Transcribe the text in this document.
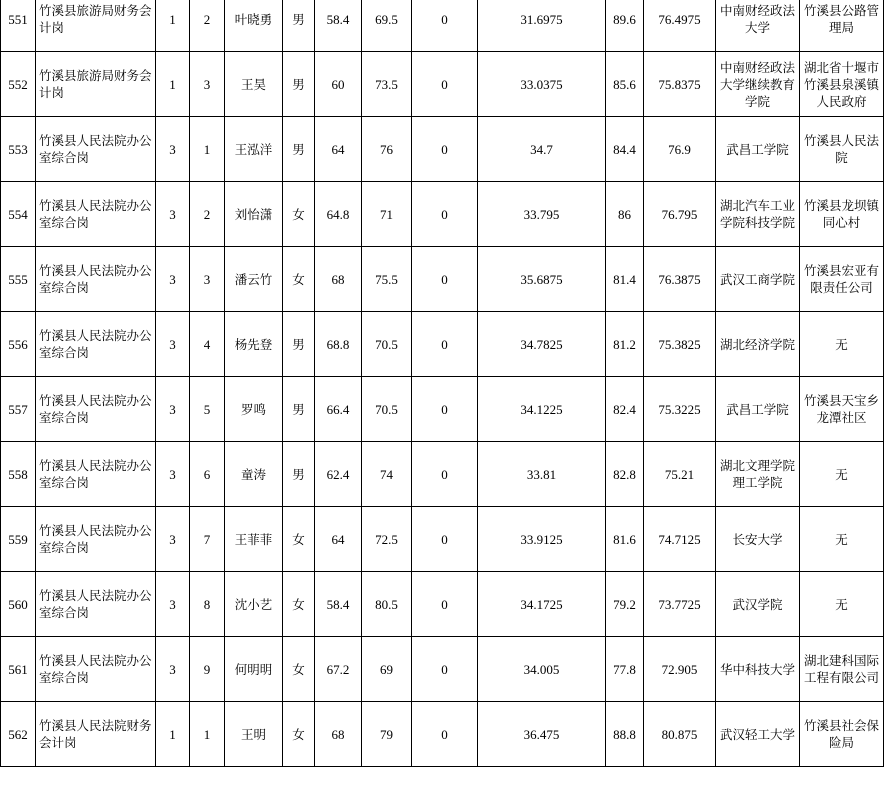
551	竹溪县旅游局财务会计岗	1	2	叶晓勇	男	58.4	69.5	0	31.6975	89.6	76.4975	中南财经政法大学	竹溪县公路管理局
552	竹溪县旅游局财务会计岗	1	3	王昊	男	60	73.5	0	33.0375	85.6	75.8375	中南财经政法大学继续教育学院	湖北省十堰市竹溪县泉溪镇人民政府
553	竹溪县人民法院办公室综合岗	3	1	王泓洋	男	64	76	0	34.7	84.4	76.9	武昌工学院	竹溪县人民法院
554	竹溪县人民法院办公室综合岗	3	2	刘怡潇	女	64.8	71	0	33.795	86	76.795	湖北汽车工业学院科技学院	竹溪县龙坝镇同心村
555	竹溪县人民法院办公室综合岗	3	3	潘云竹	女	68	75.5	0	35.6875	81.4	76.3875	武汉工商学院	竹溪县宏亚有限责任公司
556	竹溪县人民法院办公室综合岗	3	4	杨先登	男	68.8	70.5	0	34.7825	81.2	75.3825	湖北经济学院	无
557	竹溪县人民法院办公室综合岗	3	5	罗鸣	男	66.4	70.5	0	34.1225	82.4	75.3225	武昌工学院	竹溪县天宝乡龙潭社区
558	竹溪县人民法院办公室综合岗	3	6	童涛	男	62.4	74	0	33.81	82.8	75.21	湖北文理学院理工学院	无
559	竹溪县人民法院办公室综合岗	3	7	王菲菲	女	64	72.5	0	33.9125	81.6	74.7125	长安大学	无
560	竹溪县人民法院办公室综合岗	3	8	沈小艺	女	58.4	80.5	0	34.1725	79.2	73.7725	武汉学院	无
561	竹溪县人民法院办公室综合岗	3	9	何明明	女	67.2	69	0	34.005	77.8	72.905	华中科技大学	湖北建科国际工程有限公司
562	竹溪县人民法院财务会计岗	1	1	王明	女	68	79	0	36.475	88.8	80.875	武汉轻工大学	竹溪县社会保险局
